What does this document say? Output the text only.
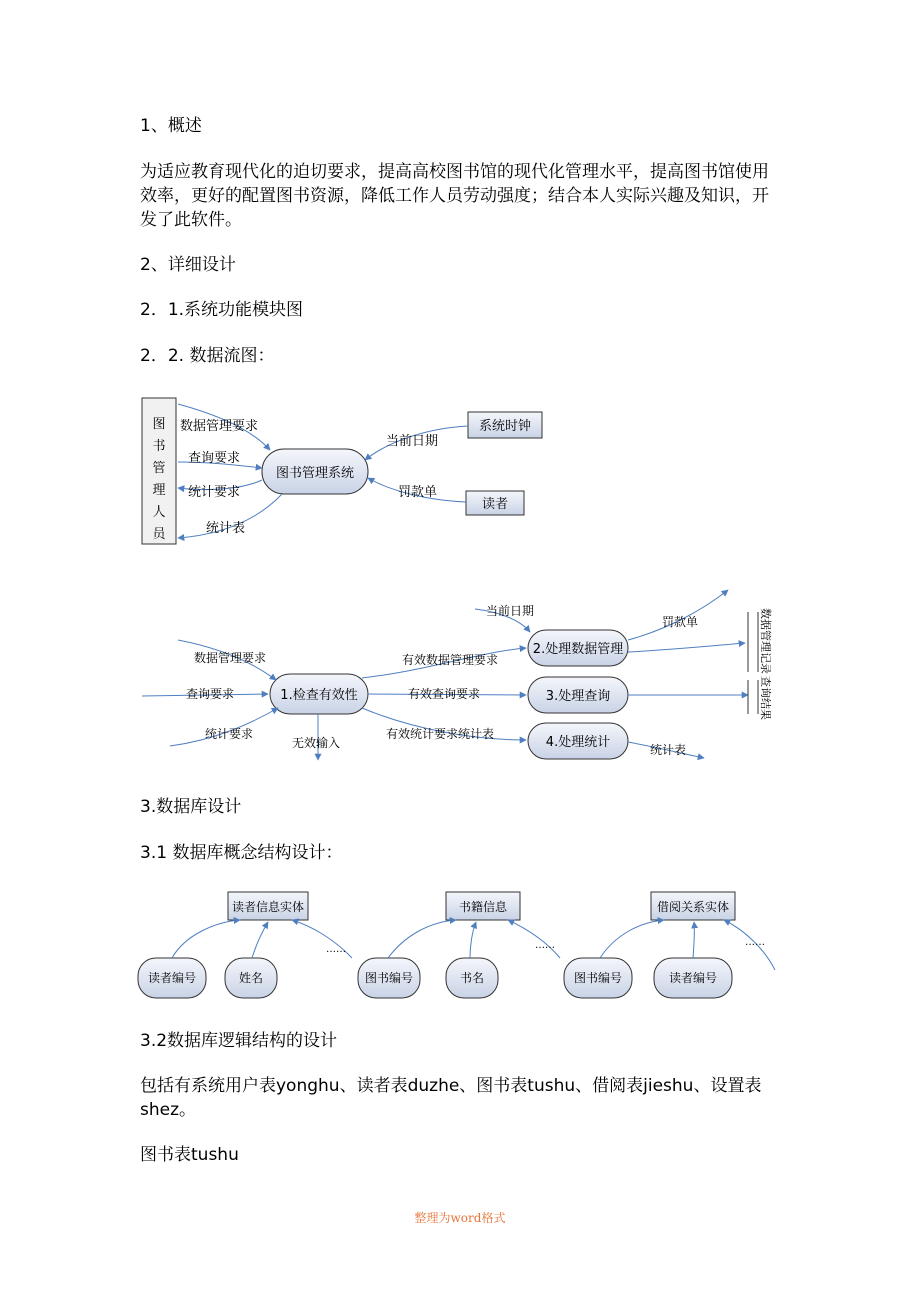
1、概述
为适应教育现代化的迫切要求，提高高校图书馆的现代化管理水平，提高图书馆使用效率，更好的配置图书资源，降低工作人员劳动强度；结合本人实际兴趣及知识，开发了此软件。
2、详细设计
2．1.系统功能模块图
2．2. 数据流图：
3.数据库设计
3.1 数据库概念结构设计：
3.2数据库逻辑结构的设计
包括有系统用户表yonghu、读者表duzhe、图书表tushu、借阅表jieshu、设置表shez。
图书表tushu
整理为word格式
图
书
管
理
人
员
图书管理系统
系统时钟
读者
数据管理要求
查询要求
统计要求
统计表
当前日期
罚款单
1.检查有效性
2.处理数据管理
3.处理查询
4.处理统计
数据管理要求
查询要求
统计要求
无效输入
有效数据管理要求
有效查询要求
有效统计要求统计表
当前日期
罚款单
统计表
数据管理记录
查询结果
读者信息实体	书籍信息	借阅关系实体
读者编号	姓名	图书编号	书名	图书编号	读者编号
……	……	……
